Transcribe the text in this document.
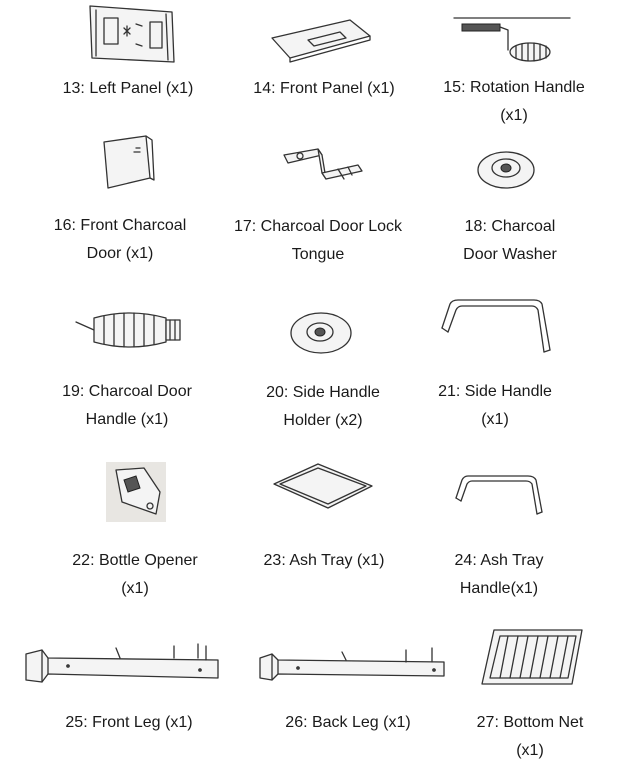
13: Left Panel (x1)	14: Front Panel (x1)	15: Rotation Handle
(x1)
16: Front Charcoal
Door (x1)
17: Charcoal Door Lock
Tongue
18: Charcoal
Door Washer
19: Charcoal Door
Handle (x1)
20: Side Handle
Holder (x2)
21: Side Handle
(x1)
22: Bottle Opener
(x1)
23: Ash Tray (x1)	24: Ash Tray
Handle(x1)
25: Front Leg (x1)	26: Back Leg (x1)	27: Bottom Net
(x1)
